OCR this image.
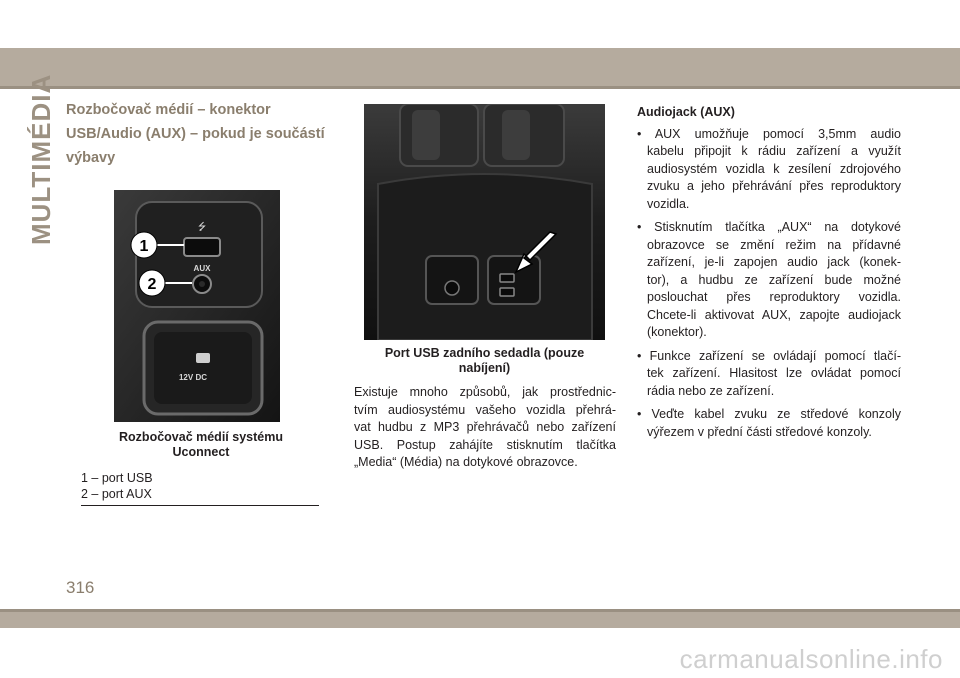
MULTIMÉDIA Rozbočovač médií – konektor
USB/Audio (AUX) – pokud je součástí
výbavy
⭍
AUX
1
2
12V DC
Rozbočovač médií systému
Uconnect
1 – port USB
2 – port AUX
Port USB zadního sedadla (pouze
nabíjení)
Existuje mnoho způsobů, jak prostřednic-
tvím audiosystému vašeho vozidla přehrá-
vat hudbu z MP3 přehrávačů nebo zařízení
USB. Postup zahájíte stisknutím tlačítka
„Media“ (Média) na dotykové obrazovce.
Audiojack (AUX)
• AUX umožňuje pomocí 3,5mm audio
kabelu připojit k rádiu zařízení a využít
audiosystém vozidla k zesílení zdrojového
zvuku a jeho přehrávání přes reproduktory
vozidla.
• Stisknutím tlačítka „AUX“ na dotykové
obrazovce se změní režim na přídavné
zařízení, je-li zapojen audio jack (konek-
tor), a hudbu ze zařízení bude možné
poslouchat přes reproduktory vozidla.
Chcete-li aktivovat AUX, zapojte audiojack
(konektor).
• Funkce zařízení se ovládají pomocí tlačí-
tek zařízení. Hlasitost lze ovládat pomocí
rádia nebo ze zařízení.
• Veďte kabel zvuku ze středové konzoly
výřezem v přední části středové konzoly.
316
carmanualsonline.info
